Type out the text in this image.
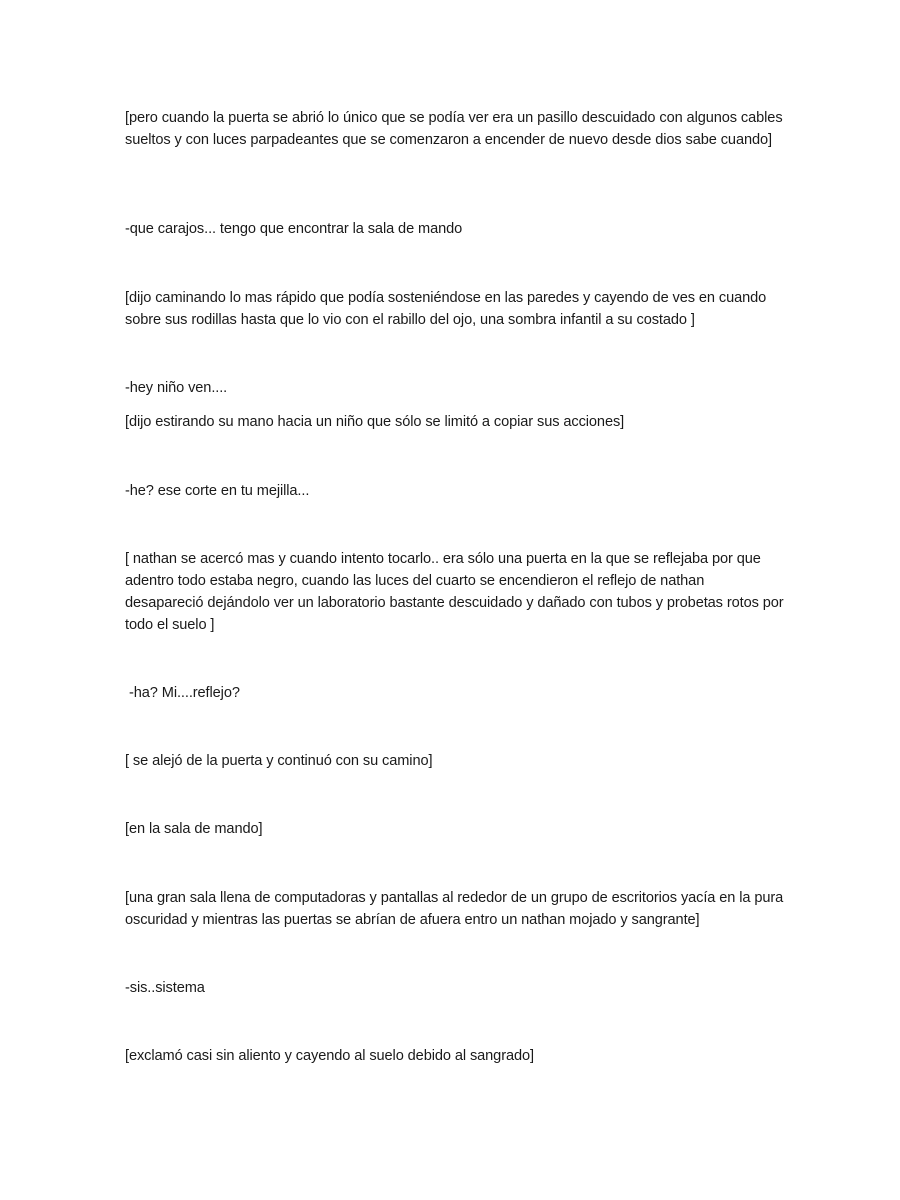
[pero cuando la puerta se abrió lo único que se podía ver era un pasillo descuidado con algunos cables sueltos y con luces parpadeantes que se comenzaron a encender de nuevo desde dios sabe cuando]

-que carajos... tengo que encontrar la sala de mando

[dijo caminando lo mas rápido que podía sosteniéndose en las paredes y cayendo de ves en cuando sobre sus rodillas hasta que lo vio con el rabillo del ojo, una sombra infantil a su costado ]

-hey niño ven....

[dijo estirando su mano hacia un niño que sólo se limitó a copiar sus acciones]

-he? ese corte en tu mejilla...

[ nathan se acercó mas y cuando intento tocarlo.. era sólo una puerta en la que se reflejaba por que adentro todo estaba negro, cuando las luces del cuarto se encendieron el reflejo de nathan desapareció dejándolo ver un laboratorio bastante descuidado y dañado con tubos y probetas rotos por todo el suelo ]

-ha? Mi....reflejo?

[ se alejó de la puerta y continuó con su camino]

[en la sala de mando]

[una gran sala llena de computadoras y pantallas al rededor de un grupo de escritorios yacía en la pura oscuridad y mientras las puertas se abrían de afuera entro un nathan mojado y sangrante]

-sis..sistema

[exclamó casi sin aliento y cayendo al suelo debido al sangrado]
